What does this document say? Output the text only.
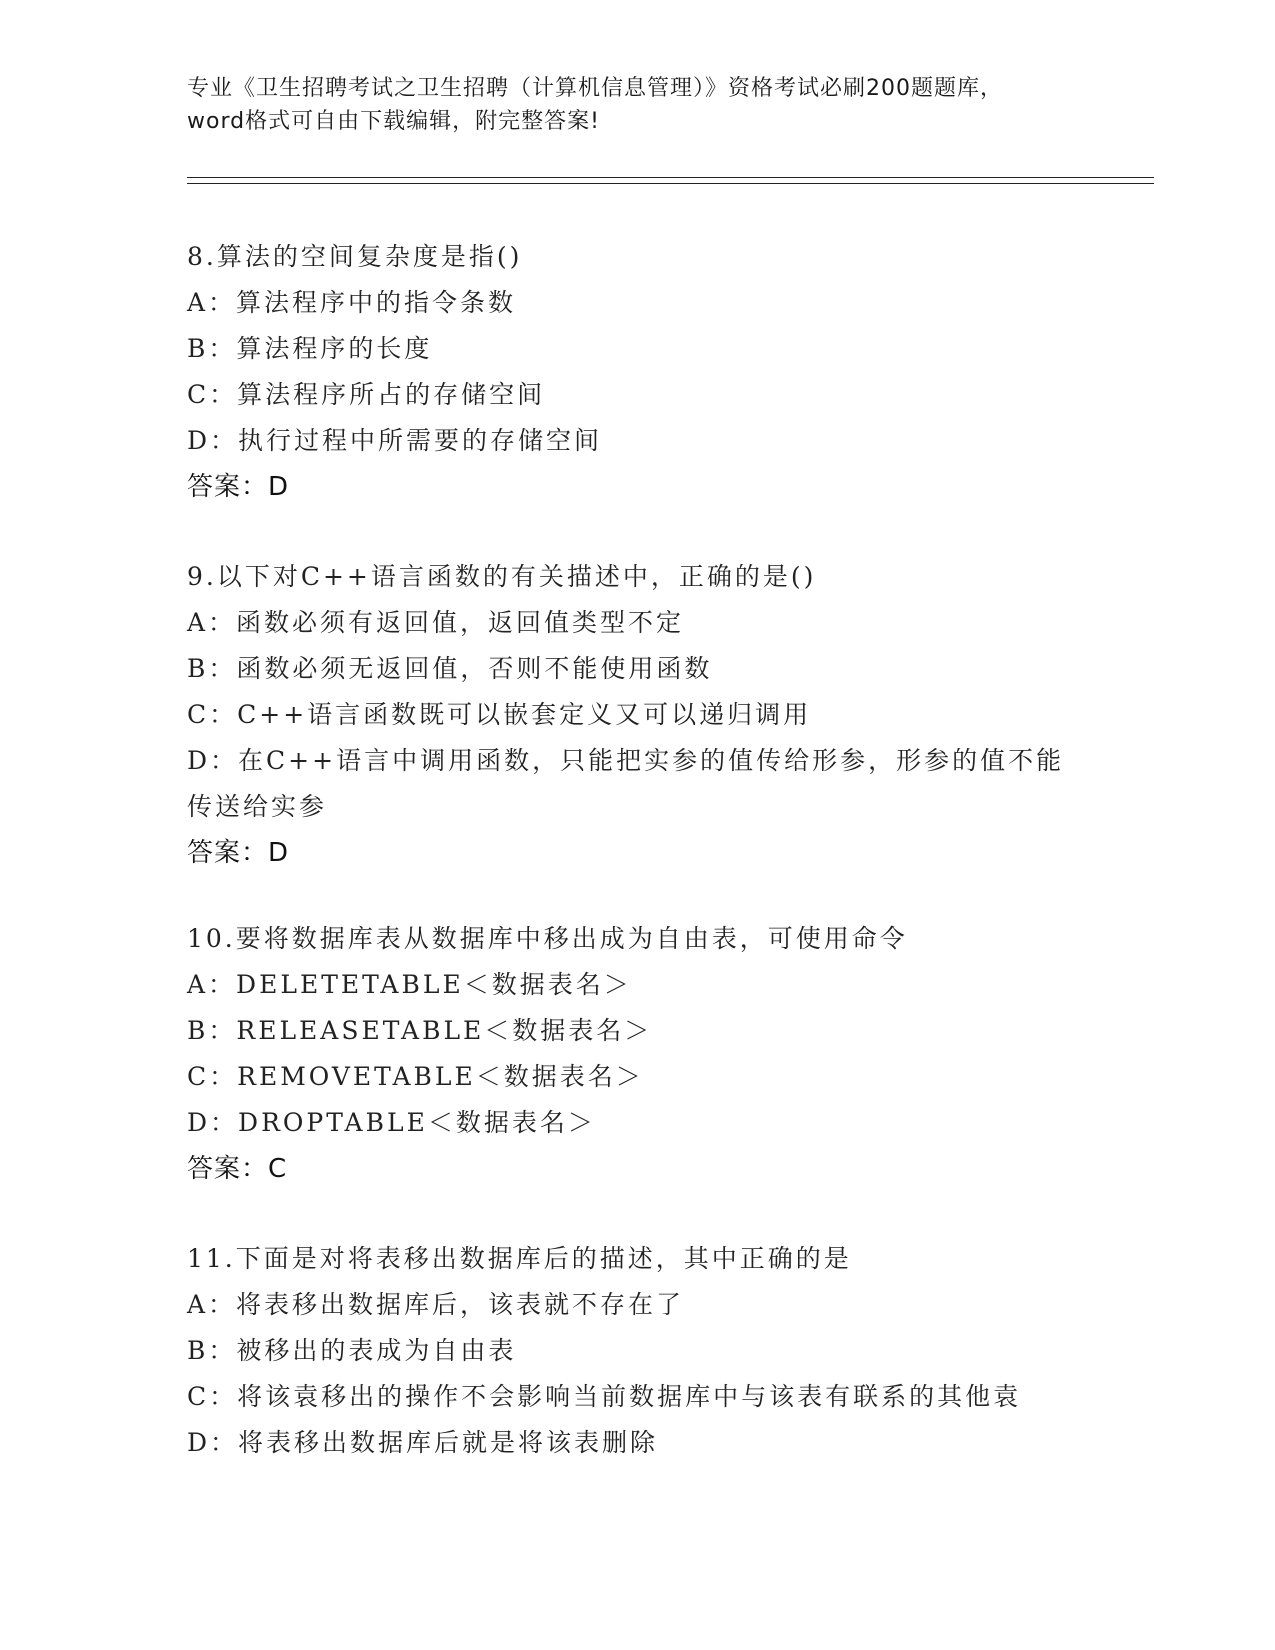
专业《卫生招聘考试之卫生招聘（计算机信息管理）》资格考试必刷200题题库，
word格式可自由下载编辑，附完整答案!
8.算法的空间复杂度是指()
A：算法程序中的指令条数
B：算法程序的长度
C：算法程序所占的存储空间
D：执行过程中所需要的存储空间
答案：D
9.以下对C++语言函数的有关描述中，正确的是()
A：函数必须有返回值，返回值类型不定
B：函数必须无返回值，否则不能使用函数
C：C++语言函数既可以嵌套定义又可以递归调用
D：在C++语言中调用函数，只能把实参的值传给形参，形参的值不能
传送给实参
答案：D
10.要将数据库表从数据库中移出成为自由表，可使用命令
A：DELETETABLE＜数据表名＞
B：RELEASETABLE＜数据表名＞
C：REMOVETABLE＜数据表名＞
D：DROPTABLE＜数据表名＞
答案：C
11.下面是对将表移出数据库后的描述，其中正确的是
A：将表移出数据库后，该表就不存在了
B：被移出的表成为自由表
C：将该袁移出的操作不会影响当前数据库中与该表有联系的其他袁
D：将表移出数据库后就是将该表删除
